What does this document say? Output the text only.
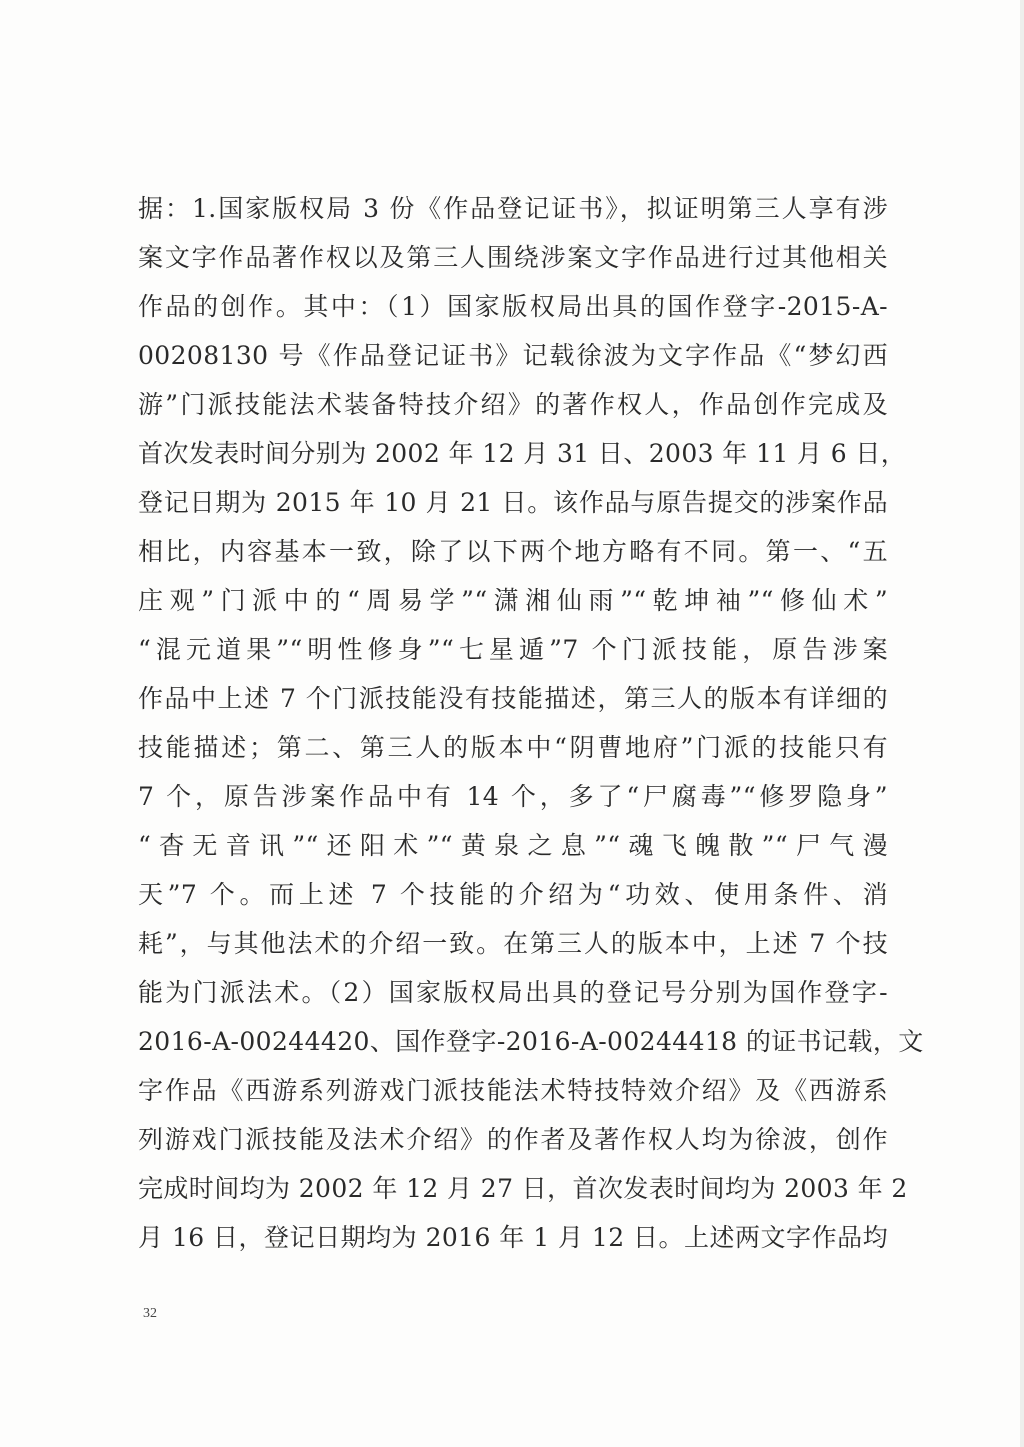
据：1.国家版权局 3 份《作品登记证书》，拟证明第三人享有涉
案文字作品著作权以及第三人围绕涉案文字作品进行过其他相关
作品的创作。其中：（1）国家版权局出具的国作登字-2015-A-
00208130 号《作品登记证书》记载徐波为文字作品《“梦幻西
游”门派技能法术装备特技介绍》的著作权人，作品创作完成及
首次发表时间分别为 2002 年 12 月 31 日、2003 年 11 月 6 日，
登记日期为 2015 年 10 月 21 日。该作品与原告提交的涉案作品
相比，内容基本一致，除了以下两个地方略有不同。第一、“五
庄观”门派中的“周易学”“潇湘仙雨”“乾坤袖”“修仙术”
“混元道果”“明性修身”“七星遁”7 个门派技能，原告涉案
作品中上述 7 个门派技能没有技能描述，第三人的版本有详细的
技能描述；第二、第三人的版本中“阴曹地府”门派的技能只有
7 个，原告涉案作品中有 14 个，多了“尸腐毒”“修罗隐身”
“杳无音讯”“还阳术”“黄泉之息”“魂飞魄散”“尸气漫
天”7 个。而上述 7 个技能的介绍为“功效、使用条件、消
耗”，与其他法术的介绍一致。在第三人的版本中，上述 7 个技
能为门派法术。（2）国家版权局出具的登记号分别为国作登字-
2016-A-00244420、国作登字-2016-A-00244418 的证书记载，文
字作品《西游系列游戏门派技能法术特技特效介绍》及《西游系
列游戏门派技能及法术介绍》的作者及著作权人均为徐波，创作
完成时间均为 2002 年 12 月 27 日，首次发表时间均为 2003 年 2
月 16 日，登记日期均为 2016 年 1 月 12 日。上述两文字作品均
32
